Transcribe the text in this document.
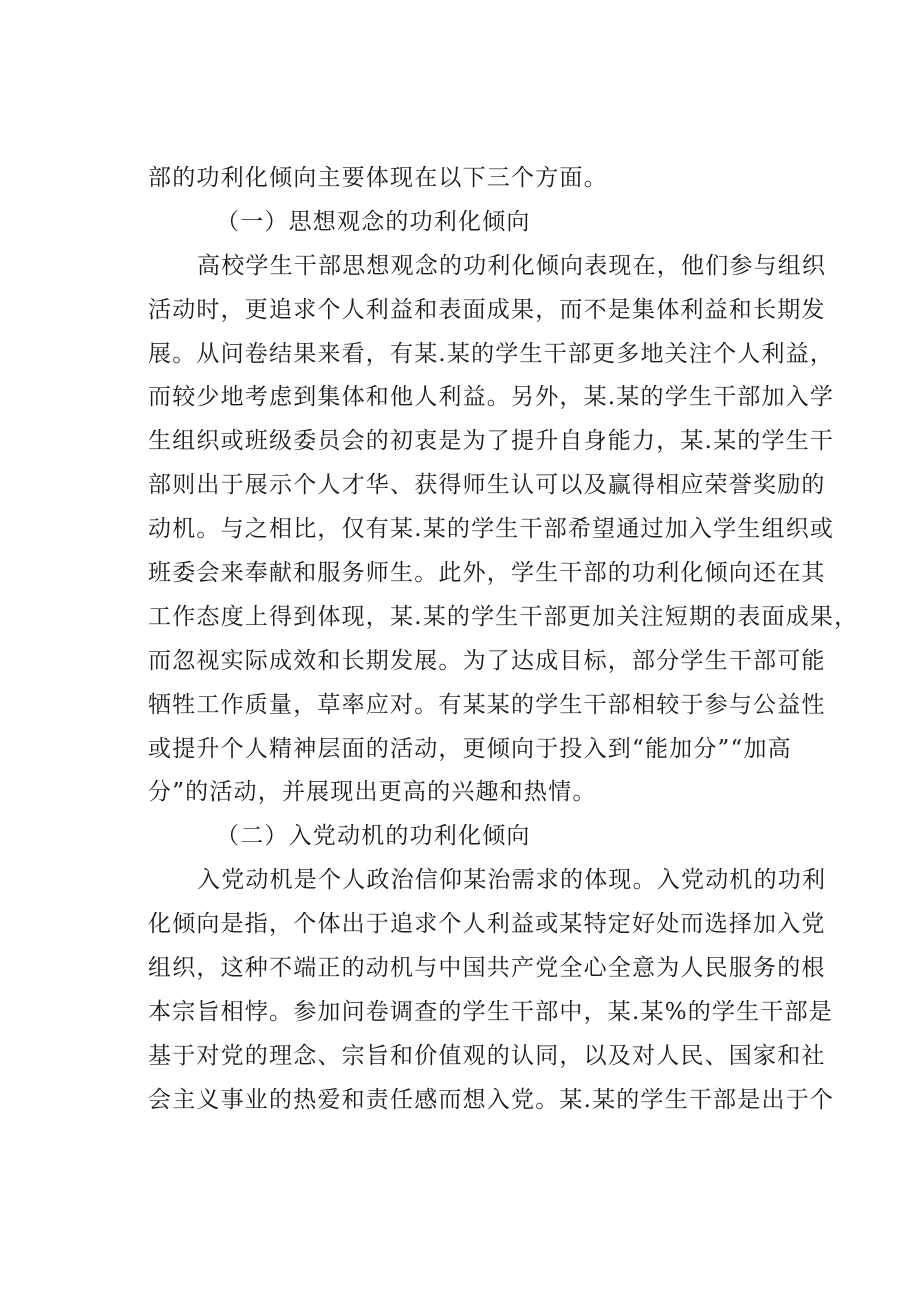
部的功利化倾向主要体现在以下三个方面。
（一）思想观念的功利化倾向
高校学生干部思想观念的功利化倾向表现在，他们参与组织
活动时，更追求个人利益和表面成果，而不是集体利益和长期发
展。从问卷结果来看，有某.某的学生干部更多地关注个人利益，
而较少地考虑到集体和他人利益。另外，某.某的学生干部加入学
生组织或班级委员会的初衷是为了提升自身能力，某.某的学生干
部则出于展示个人才华、获得师生认可以及赢得相应荣誉奖励的
动机。与之相比，仅有某.某的学生干部希望通过加入学生组织或
班委会来奉献和服务师生。此外，学生干部的功利化倾向还在其
工作态度上得到体现，某.某的学生干部更加关注短期的表面成果，
而忽视实际成效和长期发展。为了达成目标，部分学生干部可能
牺牲工作质量，草率应对。有某某的学生干部相较于参与公益性
或提升个人精神层面的活动，更倾向于投入到“能加分”“加高
分”的活动，并展现出更高的兴趣和热情。
（二）入党动机的功利化倾向
入党动机是个人政治信仰某治需求的体现。入党动机的功利
化倾向是指，个体出于追求个人利益或某特定好处而选择加入党
组织，这种不端正的动机与中国共产党全心全意为人民服务的根
本宗旨相悖。参加问卷调查的学生干部中，某.某%的学生干部是
基于对党的理念、宗旨和价值观的认同，以及对人民、国家和社
会主义事业的热爱和责任感而想入党。某.某的学生干部是出于个
